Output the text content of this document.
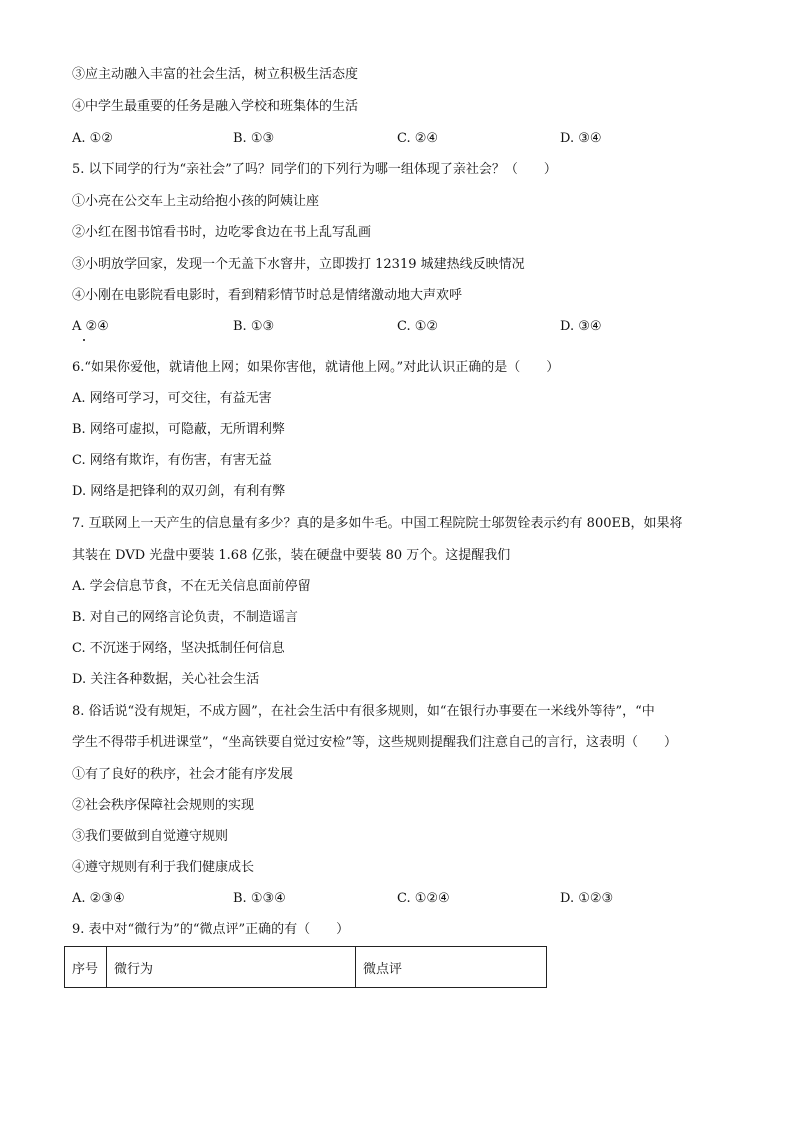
③应主动融入丰富的社会生活，树立积极生活态度
④中学生最重要的任务是融入学校和班集体的生活
A. ①②	B. ①③	C. ②④	D. ③④
5. 以下同学的行为“亲社会”了吗？同学们的下列行为哪一组体现了亲社会？（　　）
①小亮在公交车上主动给抱小孩的阿姨让座
②小红在图书馆看书时，边吃零食边在书上乱写乱画
③小明放学回家，发现一个无盖下水窨井，立即拨打 12319 城建热线反映情况
④小刚在电影院看电影时，看到精彩情节时总是情绪激动地大声欢呼
A ②④	B. ①③	C. ①②	D. ③④
6.“如果你爱他，就请他上网；如果你害他，就请他上网。”对此认识正确的是（　　）
A. 网络可学习，可交往，有益无害
B. 网络可虚拟，可隐蔽，无所谓利弊
C. 网络有欺诈，有伤害，有害无益
D. 网络是把锋利的双刃剑，有利有弊
7. 互联网上一天产生的信息量有多少？真的是多如牛毛。中国工程院院士邬贺铨表示约有 800EB，如果将
其装在 DVD 光盘中要装 1.68 亿张，装在硬盘中要装 80 万个。这提醒我们
A. 学会信息节食，不在无关信息面前停留
B. 对自己的网络言论负责，不制造谣言
C. 不沉迷于网络，坚决抵制任何信息
D. 关注各种数据，关心社会生活
8. 俗话说“没有规矩，不成方圆”，在社会生活中有很多规则，如“在银行办事要在一米线外等待”，“中
学生不得带手机进课堂”，“坐高铁要自觉过安检”等，这些规则提醒我们注意自己的言行，这表明（　　）
①有了良好的秩序，社会才能有序发展
②社会秩序保障社会规则的实现
③我们要做到自觉遵守规则
④遵守规则有利于我们健康成长
A. ②③④	B. ①③④	C. ①②④	D. ①②③
9. 表中对“微行为”的“微点评”正确的有（　　）
序号	微行为	微点评
